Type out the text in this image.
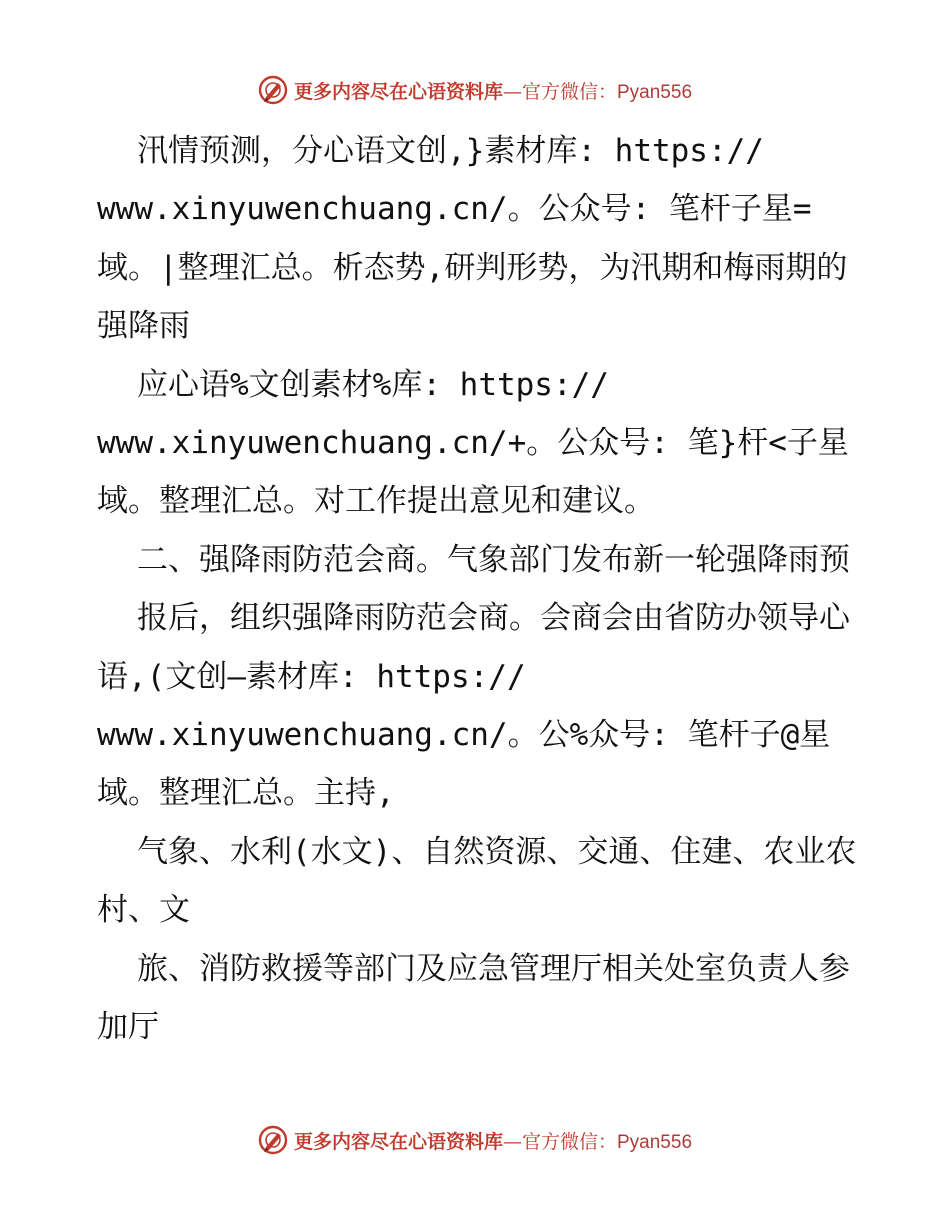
更多内容尽在心语资料库—官方微信：Pyan556

汛情预测，分心语文创,}素材库: https://

www.xinyuwenchuang.cn/。公众号: 笔杆子星=

域。|整理汇总。析态势,研判形势，为汛期和梅雨期的强降雨

应心语%文创素材%库: https://

www.xinyuwenchuang.cn/+。公众号: 笔}杆<子星

域。整理汇总。对工作提出意见和建议。

二、强降雨防范会商。气象部门发布新一轮强降雨预

报后，组织强降雨防范会商。会商会由省防办领导心语,(文创—素材库: https://

www.xinyuwenchuang.cn/。公%众号: 笔杆子@星

域。整理汇总。主持,

气象、水利(水文)、自然资源、交通、住建、农业农村、文

旅、消防救援等部门及应急管理厅相关处室负责人参加厅

更多内容尽在心语资料库—官方微信：Pyan556
